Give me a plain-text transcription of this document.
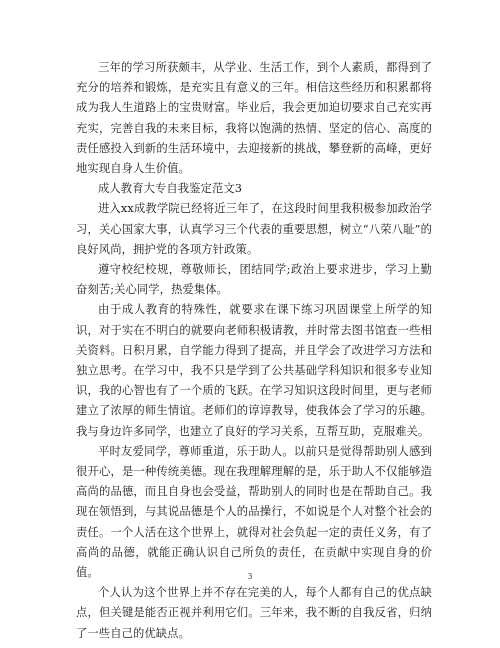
三年的学习所获颇丰，从学业、生活工作，到个人素质，都得到了充分的培养和锻炼，是充实且有意义的三年。相信这些经历和积累都将成为我人生道路上的宝贵财富。毕业后，我会更加迫切要求自己充实再充实，完善自我的未来目标，我将以饱满的热情、坚定的信心、高度的责任感投入到新的生活环境中，去迎接新的挑战，攀登新的高峰，更好地实现自身人生价值。

成人教育大专自我鉴定范文3

进入xx成教学院已经将近三年了，在这段时间里我积极参加政治学习，关心国家大事，认真学习三个代表的重要思想，树立“八荣八耻”的良好风尚，拥护党的各项方针政策。

遵守校纪校规，尊敬师长，团结同学;政治上要求进步，学习上勤奋刻苦;关心同学，热爱集体。

由于成人教育的特殊性，就要求在课下练习巩固课堂上所学的知识，对于实在不明白的就要向老师积极请教，并时常去图书馆查一些相关资料。日积月累，自学能力得到了提高，并且学会了改进学习方法和独立思考。在学习中，我不只是学到了公共基础学科知识和很多专业知识，我的心智也有了一个质的飞跃。在学习知识这段时间里，更与老师建立了浓厚的师生情谊。老师们的谆谆教导，使我体会了学习的乐趣。我与身边许多同学，也建立了良好的学习关系，互帮互助，克服难关。

平时友爱同学，尊师重道，乐于助人。以前只是觉得帮助别人感到很开心，是一种传统美德。现在我理解理解的是，乐于助人不仅能够造高尚的品德，而且自身也会受益，帮助别人的同时也是在帮助自己。我现在领悟到，与其说品德是个人的品操行，不如说是个人对整个社会的责任。一个人活在这个世界上，就得对社会负起一定的责任义务，有了高尚的品德，就能正确认识自己所负的责任，在贡献中实现自身的价值。

个人认为这个世界上并不存在完美的人，每个人都有自己的优点缺点，但关键是能否正视并利用它们。三年来，我不断的自我反省，归纳了一些自己的优缺点。

3
